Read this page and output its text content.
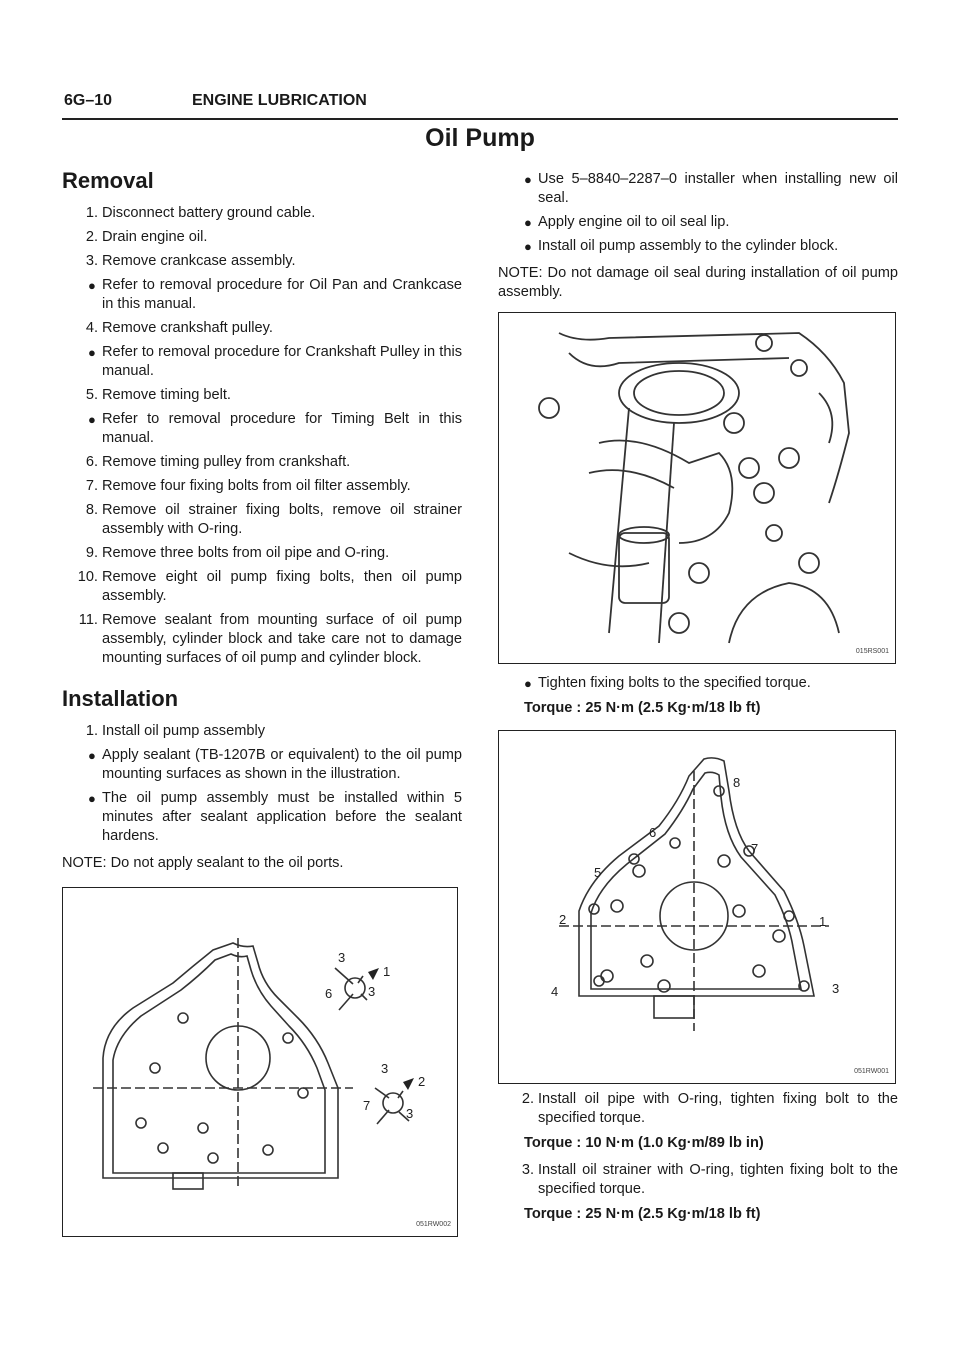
6G–10	ENGINE LUBRICATION
Oil Pump
Removal
1. Disconnect battery ground cable.
2. Drain engine oil.
3. Remove crankcase assembly.
● Refer to removal procedure for Oil Pan and Crankcase in this manual.
4. Remove crankshaft pulley.
● Refer to removal procedure for Crankshaft Pulley in this manual.
5. Remove timing belt.
● Refer to removal procedure for Timing Belt in this manual.
6. Remove timing pulley from crankshaft.
7. Remove four fixing bolts from oil filter assembly.
8. Remove oil strainer fixing bolts, remove oil strainer assembly with O-ring.
9. Remove three bolts from oil pipe and O-ring.
10. Remove eight oil pump fixing bolts, then oil pump assembly.
11. Remove sealant from mounting surface of oil pump assembly, cylinder block and take care not to damage mounting surfaces of oil pump and cylinder block.
Installation
1. Install oil pump assembly
● Apply sealant (TB-1207B or equivalent) to the oil pump mounting surfaces as shown in the illustration.
● The oil pump assembly must be installed within 5 minutes after sealant application before the sealant hardens.
NOTE: Do not apply sealant to the oil ports.
3
1
6	3
3
2
7
3
051RW002
● Use 5–8840–2287–0 installer when installing new oil seal.
● Apply engine oil to oil seal lip.
● Install oil pump assembly to the cylinder block.
NOTE: Do not damage oil seal during installation of oil pump assembly.
015RS001
● Tighten fixing bolts to the specified torque.
Torque : 25 N·m (2.5 Kg·m/18 lb ft)
8
6
7
5
2	1
4	3
051RW001
2. Install oil pipe with O-ring, tighten fixing bolt to the specified torque.
Torque : 10 N·m (1.0 Kg·m/89 lb in)
3. Install oil strainer with O-ring, tighten fixing bolt to the specified torque.
Torque : 25 N·m (2.5 Kg·m/18 lb ft)
